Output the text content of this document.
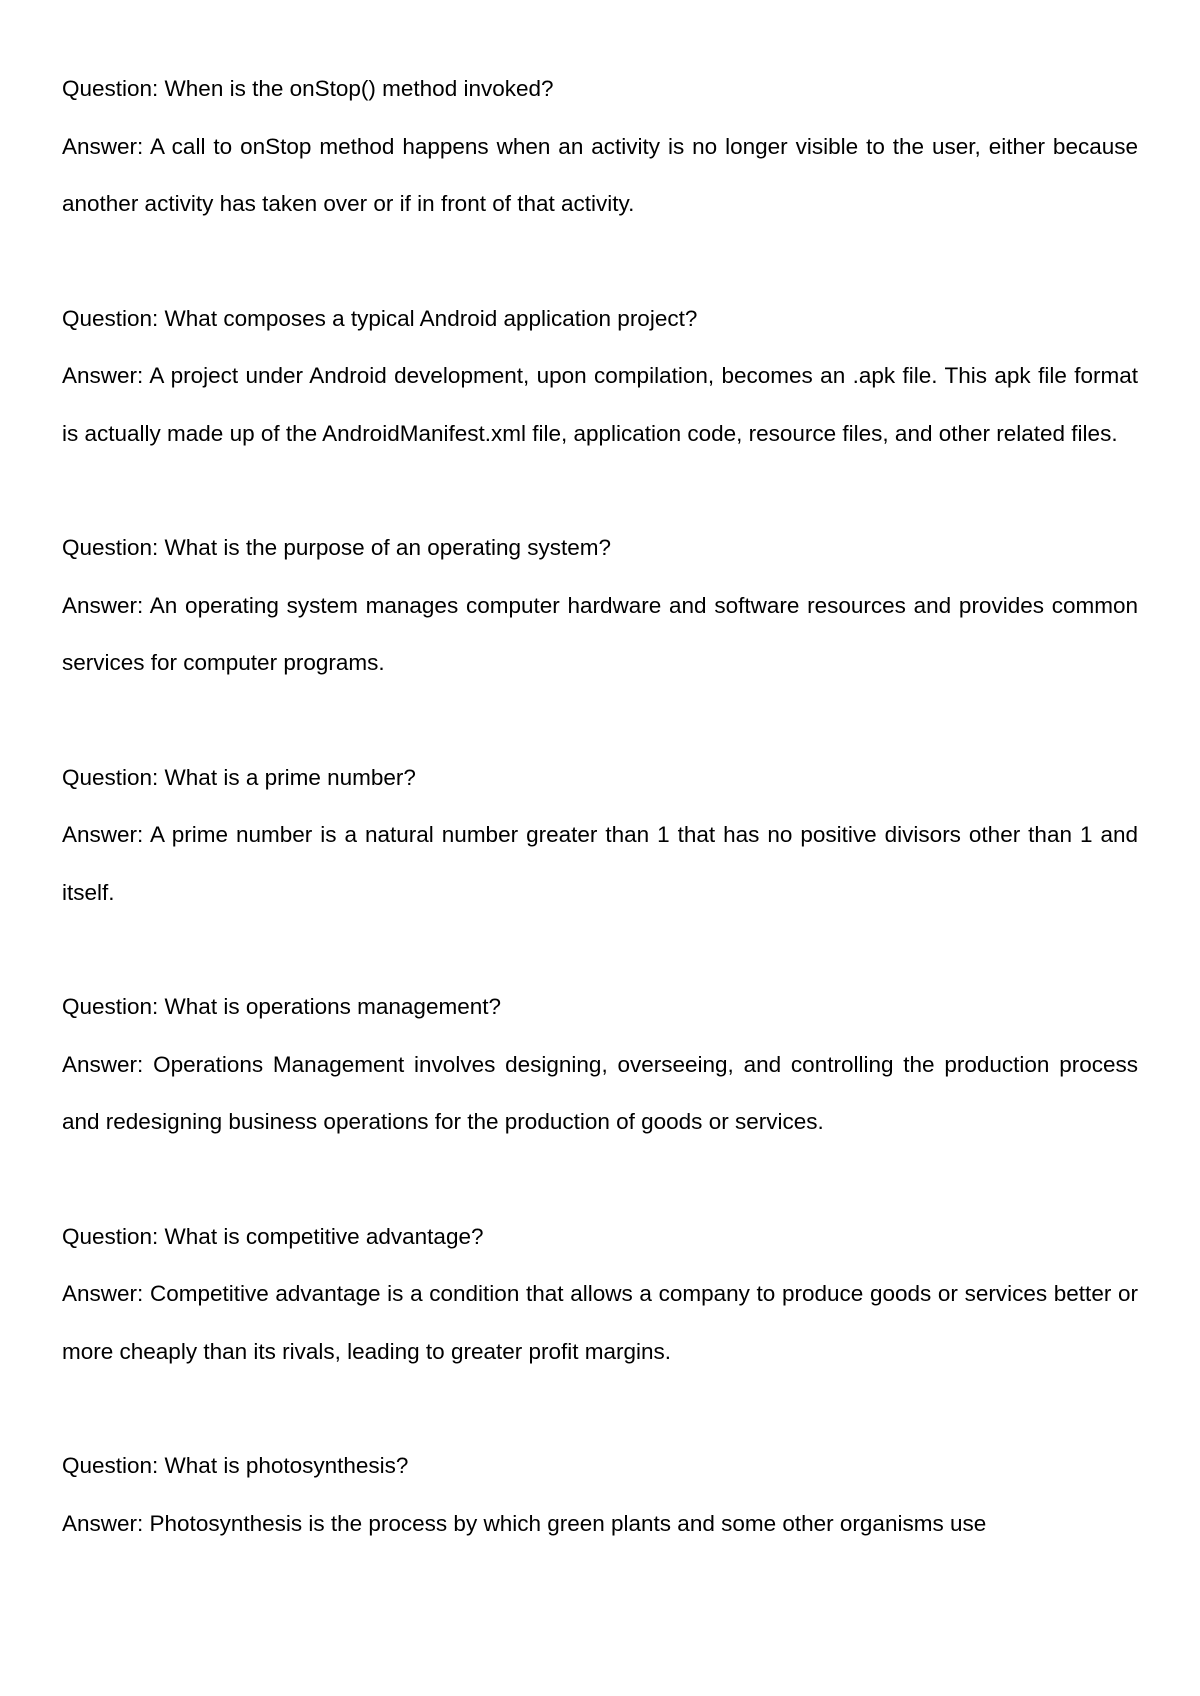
Question: When is the onStop() method invoked?

Answer: A call to onStop method happens when an activity is no longer visible to the user, either because another activity has taken over or if in front of that activity.

Question: What composes a typical Android application project?

Answer: A project under Android development, upon compilation, becomes an .apk file. This apk file format is actually made up of the AndroidManifest.xml file, application code, resource files, and other related files.

Question: What is the purpose of an operating system?

Answer: An operating system manages computer hardware and software resources and provides common services for computer programs.

Question: What is a prime number?

Answer: A prime number is a natural number greater than 1 that has no positive divisors other than 1 and itself.

Question: What is operations management?

Answer: Operations Management involves designing, overseeing, and controlling the production process and redesigning business operations for the production of goods or services.

Question: What is competitive advantage?

Answer: Competitive advantage is a condition that allows a company to produce goods or services better or more cheaply than its rivals, leading to greater profit margins.

Question: What is photosynthesis?

Answer: Photosynthesis is the process by which green plants and some other organisms use
